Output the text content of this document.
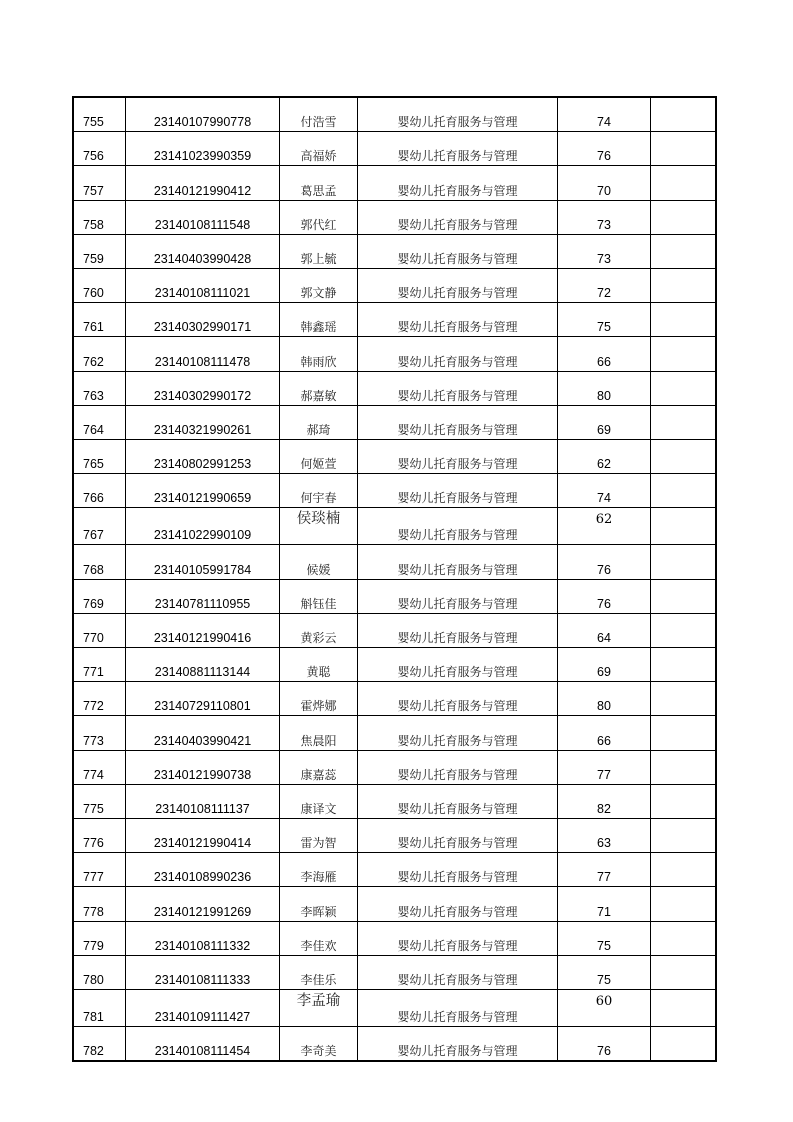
755	23140107990778	付浩雪	婴幼儿托育服务与管理	74	
756	23141023990359	高福娇	婴幼儿托育服务与管理	76	
757	23140121990412	葛思孟	婴幼儿托育服务与管理	70	
758	23140108111548	郭代红	婴幼儿托育服务与管理	73	
759	23140403990428	郭上毓	婴幼儿托育服务与管理	73	
760	23140108111021	郭文静	婴幼儿托育服务与管理	72	
761	23140302990171	韩鑫瑶	婴幼儿托育服务与管理	75	
762	23140108111478	韩雨欣	婴幼儿托育服务与管理	66	
763	23140302990172	郝嘉敏	婴幼儿托育服务与管理	80	
764	23140321990261	郝琦	婴幼儿托育服务与管理	69	
765	23140802991253	何姬萱	婴幼儿托育服务与管理	62	
766	23140121990659	何宇春	婴幼儿托育服务与管理	74	
767	23141022990109	侯琰楠	婴幼儿托育服务与管理	62	
768	23140105991784	候媛	婴幼儿托育服务与管理	76	
769	23140781110955	斛钰佳	婴幼儿托育服务与管理	76	
770	23140121990416	黄彩云	婴幼儿托育服务与管理	64	
771	23140881113144	黄聪	婴幼儿托育服务与管理	69	
772	23140729110801	霍烨娜	婴幼儿托育服务与管理	80	
773	23140403990421	焦晨阳	婴幼儿托育服务与管理	66	
774	23140121990738	康嘉蕊	婴幼儿托育服务与管理	77	
775	23140108111137	康译文	婴幼儿托育服务与管理	82	
776	23140121990414	雷为智	婴幼儿托育服务与管理	63	
777	23140108990236	李海雁	婴幼儿托育服务与管理	77	
778	23140121991269	李晖颖	婴幼儿托育服务与管理	71	
779	23140108111332	李佳欢	婴幼儿托育服务与管理	75	
780	23140108111333	李佳乐	婴幼儿托育服务与管理	75	
781	23140109111427	李孟瑜	婴幼儿托育服务与管理	60	
782	23140108111454	李奇美	婴幼儿托育服务与管理	76	
